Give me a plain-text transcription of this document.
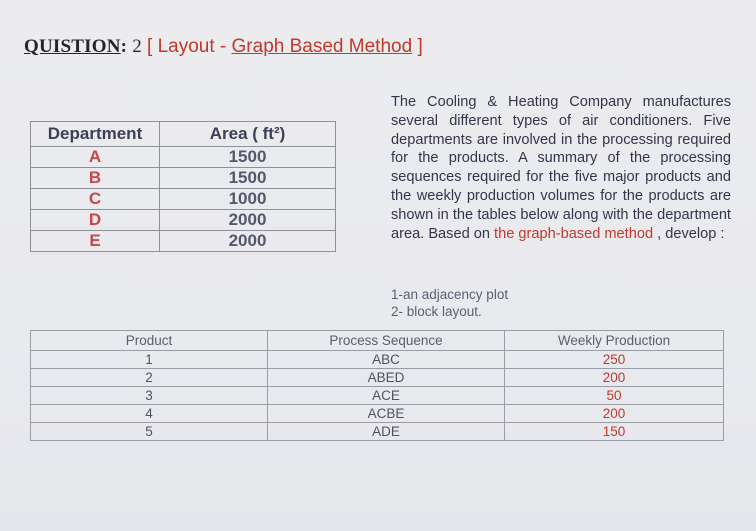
QUISTION: 2 [ Layout - Graph Based Method ]
Department	Area ( ft²)
A	1500
B	1500
C	1000
D	2000
E	2000
The Cooling & Heating Company manufactures several different types of air conditioners. Five departments are involved in the processing required for the products. A summary of the processing sequences required for the five major products and the weekly production volumes for the products are shown in the tables below along with the department area. Based on the graph-based method , develop :
1-an adjacency plot
2- block layout.
Product	Process Sequence	Weekly Production
1	ABC	250
2	ABED	200
3	ACE	50
4	ACBE	200
5	ADE	150
